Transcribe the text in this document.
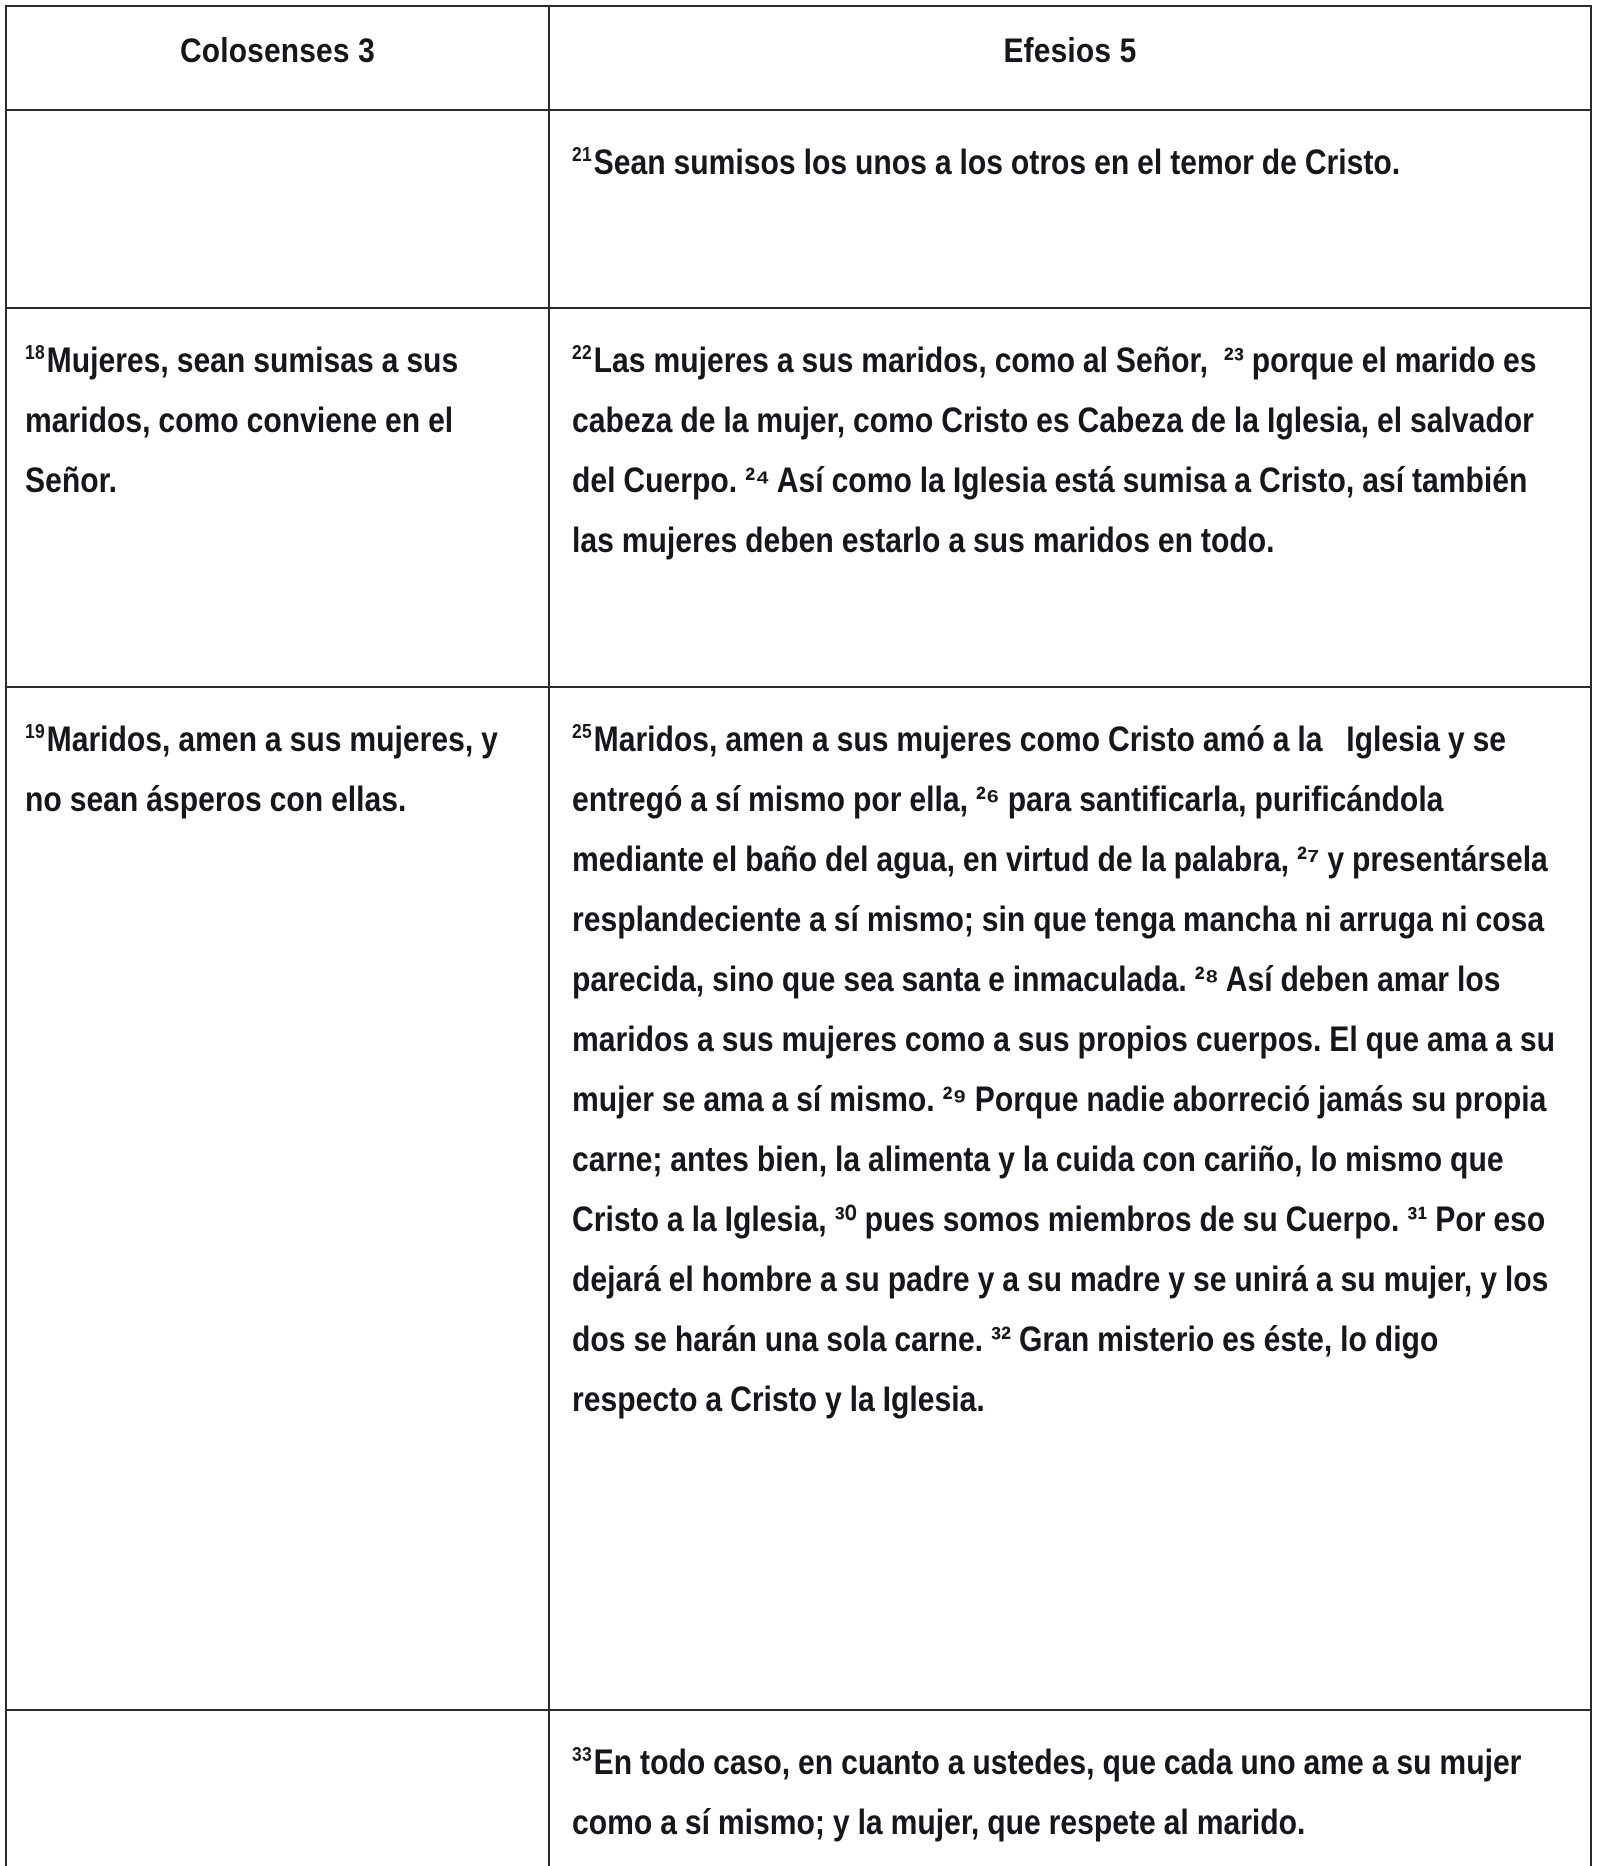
Colosenses 3	Efesios 5

	$^{21}$Sean sumisos los unos a los otros en el temor de Cristo.

$^{18}$Mujeres, sean sumisas a sus maridos, como conviene en el Señor.	$^{22}$Las mujeres a sus maridos, como al Señor,  ²³ porque el marido es cabeza de la mujer, como Cristo es Cabeza de la Iglesia, el salvador del Cuerpo. ²⁴ Así como la Iglesia está sumisa a Cristo, así también las mujeres deben estarlo a sus maridos en todo.

$^{19}$Maridos, amen a sus mujeres, y no sean ásperos con ellas.	$^{25}$Maridos, amen a sus mujeres como Cristo amó a la   Iglesia y se entregó a sí mismo por ella, ²⁶ para santificarla, purificándola mediante el baño del agua, en virtud de la palabra, ²⁷ y presentársela resplandeciente a sí mismo; sin que tenga mancha ni arruga ni cosa parecida, sino que sea santa e inmaculada. ²⁸ Así deben amar los maridos a sus mujeres como a sus propios cuerpos. El que ama a su mujer se ama a sí mismo. ²⁹ Porque nadie aborreció jamás su propia carne; antes bien, la alimenta y la cuida con cariño, lo mismo que Cristo a la Iglesia, ³⁰ pues somos miembros de su Cuerpo. ³¹ Por eso dejará el hombre a su padre y a su madre y se unirá a su mujer, y los dos se harán una sola carne. ³² Gran misterio es éste, lo digo respecto a Cristo y la Iglesia.

	$^{33}$En todo caso, en cuanto a ustedes, que cada uno ame a su mujer como a sí mismo; y la mujer, que respete al marido.
